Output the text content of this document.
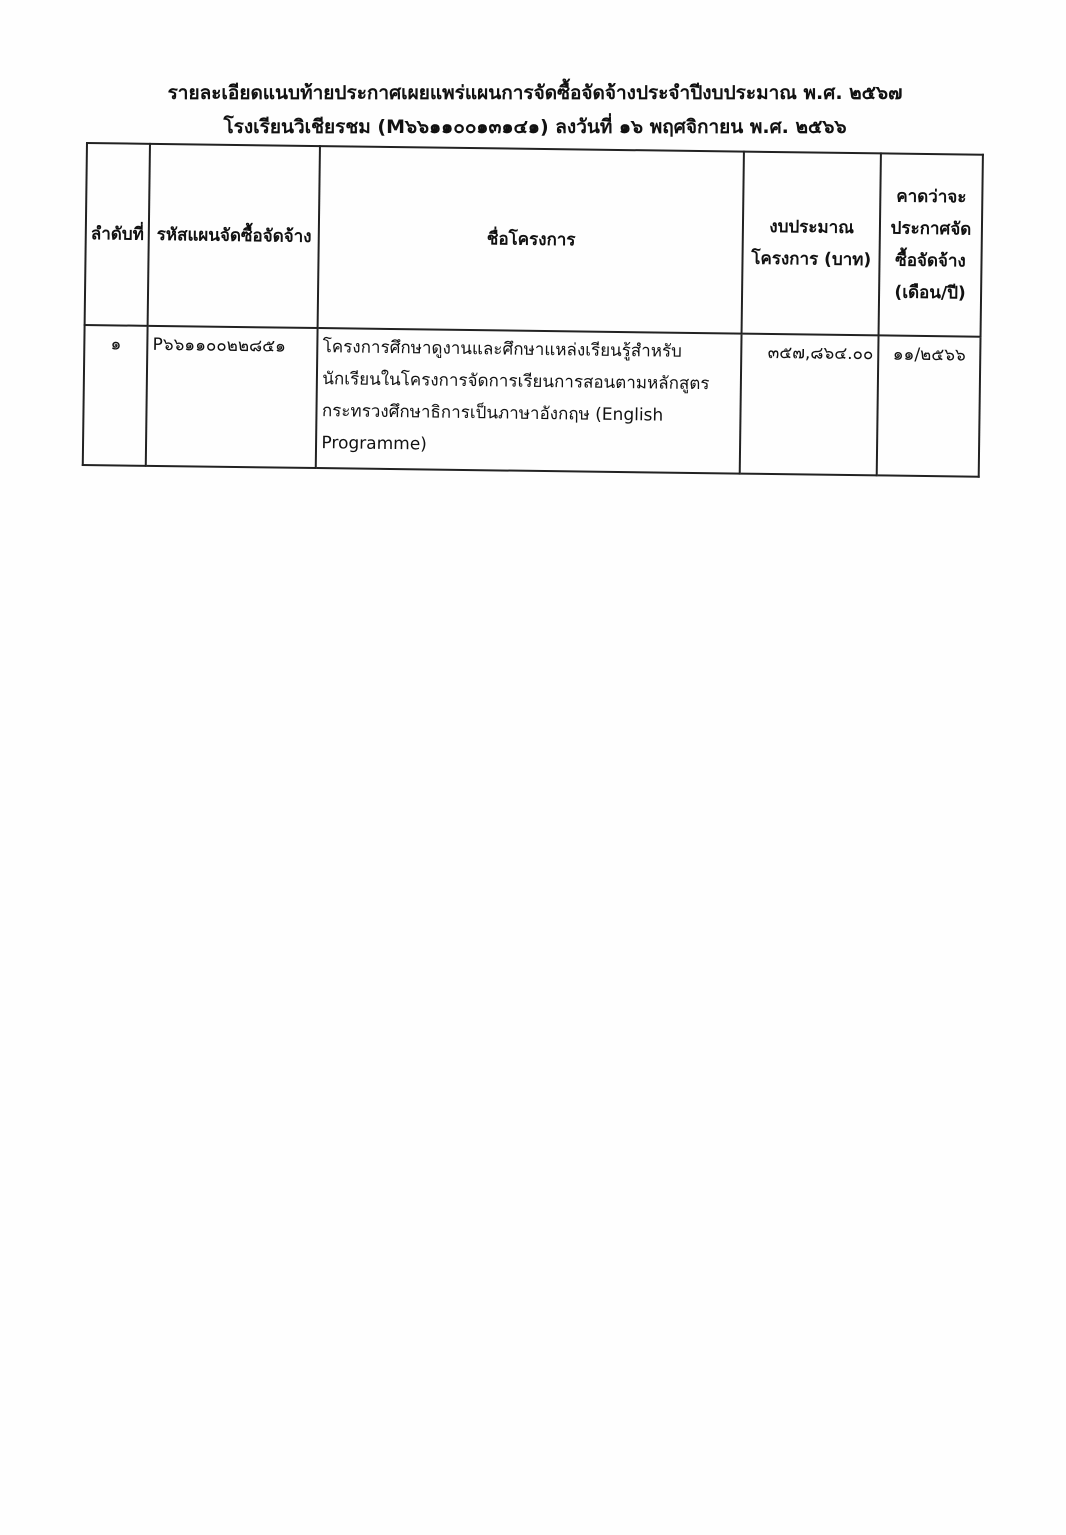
รายละเอียดแนบท้ายประกาศเผยแพร่แผนการจัดซื้อจัดจ้างประจำปีงบประมาณ พ.ศ. ๒๕๖๗
โรงเรียนวิเชียรชม (M๖๖๑๑๐๐๑๓๑๔๑) ลงวันที่ ๑๖ พฤศจิกายน พ.ศ. ๒๕๖๖
ลำดับที่	รหัสแผนจัดซื้อจัดจ้าง	ชื่อโครงการ	งบประมาณโครงการ (บาท)	คาดว่าจะประกาศจัดซื้อจัดจ้าง (เดือน/ปี)
๑	P๖๖๑๑๐๐๒๒๘๕๑	โครงการศึกษาดูงานและศึกษาแหล่งเรียนรู้สำหรับนักเรียนในโครงการจัดการเรียนการสอนตามหลักสูตรกระทรวงศึกษาธิการเป็นภาษาอังกฤษ (English Programme)	๓๕๗,๘๖๔.๐๐	๑๑/๒๕๖๖
